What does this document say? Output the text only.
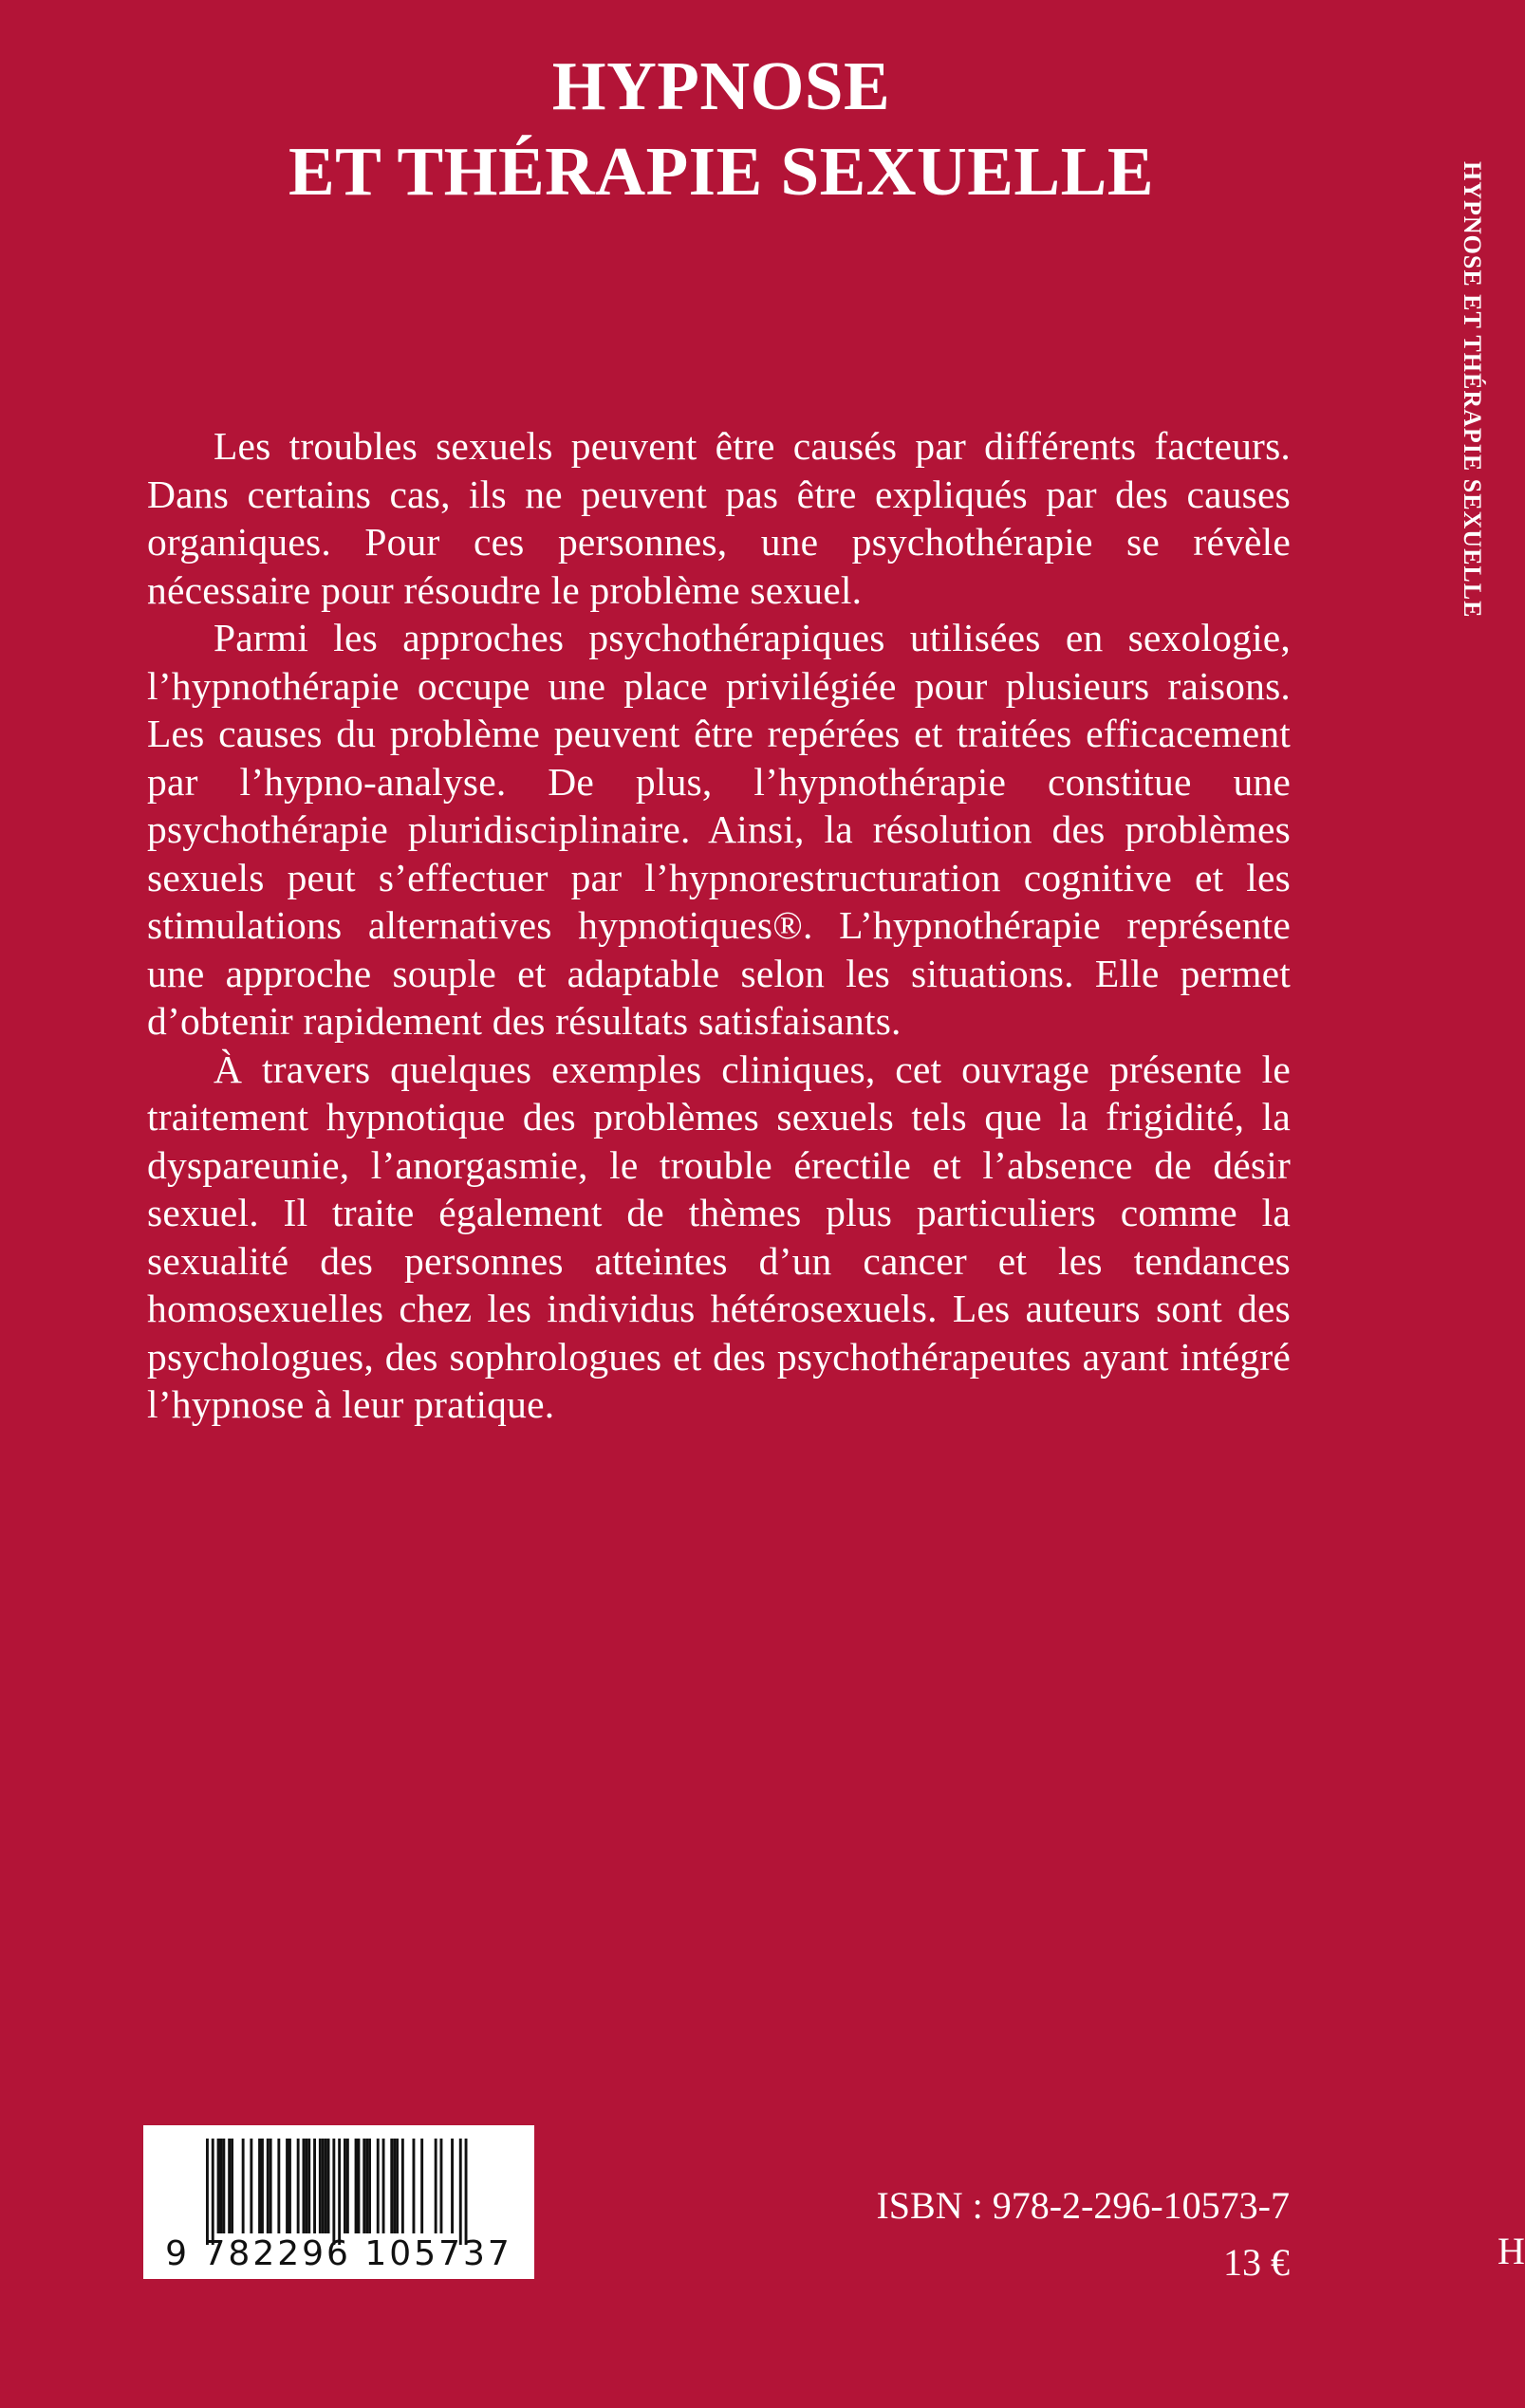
HYPNOSE
ET THÉRAPIE SEXUELLE

Les troubles sexuels peuvent être causés par différents facteurs. Dans certains cas, ils ne peuvent pas être expliqués par des causes organiques. Pour ces personnes, une psychothérapie se révèle nécessaire pour résoudre le problème sexuel.

Parmi les approches psychothérapiques utilisées en sexologie, l’hypnothérapie occupe une place privilégiée pour plusieurs raisons. Les causes du problème peuvent être repérées et traitées efficacement par l’hypno-analyse. De plus, l’hypnothérapie constitue une psychothérapie pluridisciplinaire. Ainsi, la résolution des problèmes sexuels peut s’effectuer par l’hypnorestructuration cognitive et les stimulations alternatives hypnotiques®. L’hypnothérapie représente une approche souple et adaptable selon les situations. Elle permet d’obtenir rapidement des résultats satisfaisants.

À travers quelques exemples cliniques, cet ouvrage présente le traitement hypnotique des problèmes sexuels tels que la frigidité, la dyspareunie, l’anorgasmie, le trouble érectile et l’absence de désir sexuel. Il traite également de thèmes plus particuliers comme la sexualité des personnes atteintes d’un cancer et les tendances homosexuelles chez les individus hétérosexuels. Les auteurs sont des psychologues, des sophrologues et des psychothérapeutes ayant intégré l’hypnose à leur pratique.

9 782296 105737
ISBN : 978-2-296-10573-7
13 €
HYPNOSE ET THÉRAPIE SEXUELLE
H
